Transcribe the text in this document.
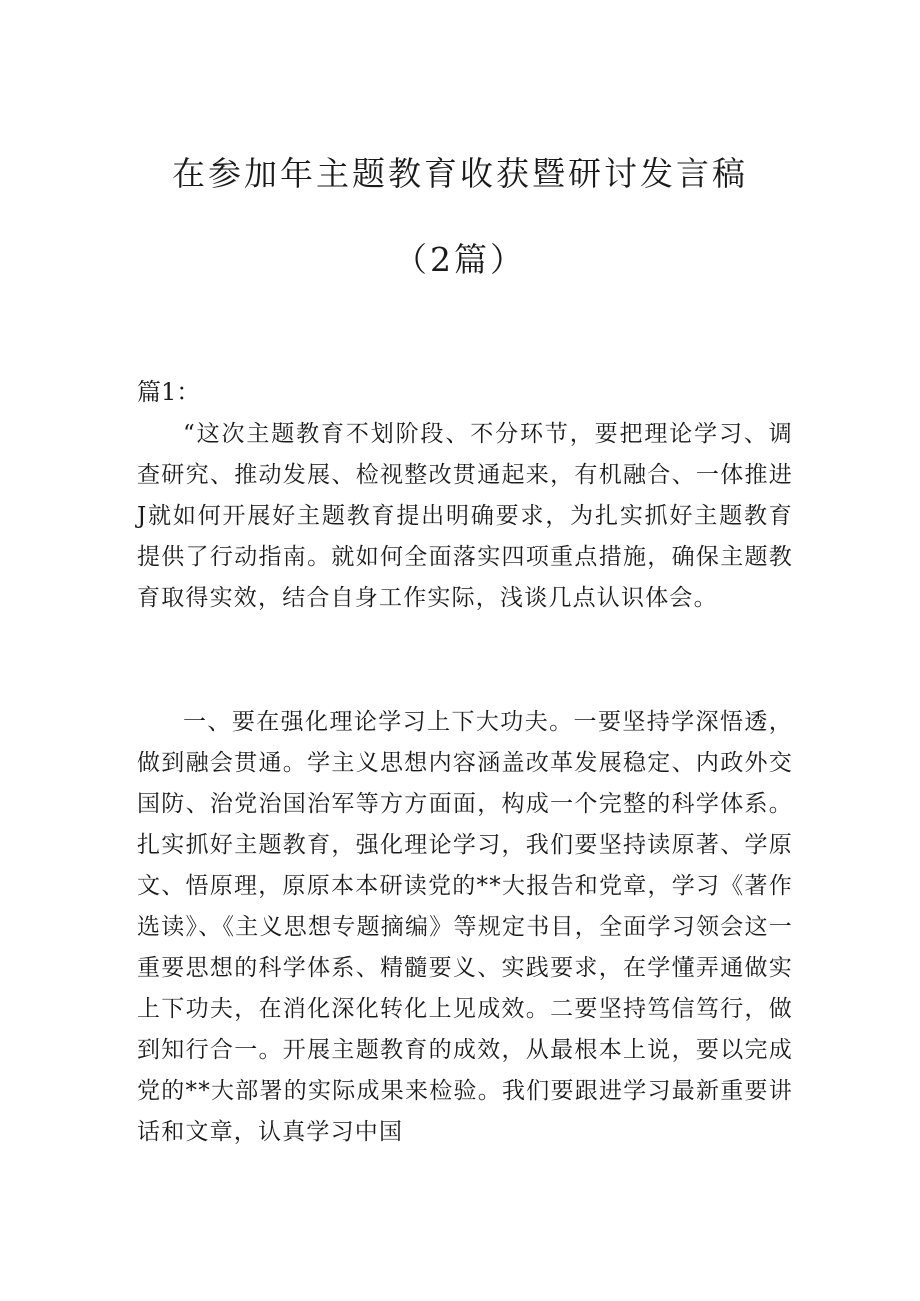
在参加年主题教育收获暨研讨发言稿
（2篇）

篇1：

“这次主题教育不划阶段、不分环节，要把理论学习、调查研究、推动发展、检视整改贯通起来，有机融合、一体推进J就如何开展好主题教育提出明确要求，为扎实抓好主题教育提供了行动指南。就如何全面落实四项重点措施，确保主题教育取得实效，结合自身工作实际，浅谈几点认识体会。

一、要在强化理论学习上下大功夫。一要坚持学深悟透，做到融会贯通。学主义思想内容涵盖改革发展稳定、内政外交国防、治党治国治军等方方面面，构成一个完整的科学体系。扎实抓好主题教育，强化理论学习，我们要坚持读原著、学原文、悟原理，原原本本研读党的**大报告和党章，学习《著作选读》、《主义思想专题摘编》等规定书目，全面学习领会这一重要思想的科学体系、精髓要义、实践要求，在学懂弄通做实上下功夫，在消化深化转化上见成效。二要坚持笃信笃行，做到知行合一。开展主题教育的成效，从最根本上说，要以完成党的**大部署的实际成果来检验。我们要跟进学习最新重要讲话和文章，认真学习中国
